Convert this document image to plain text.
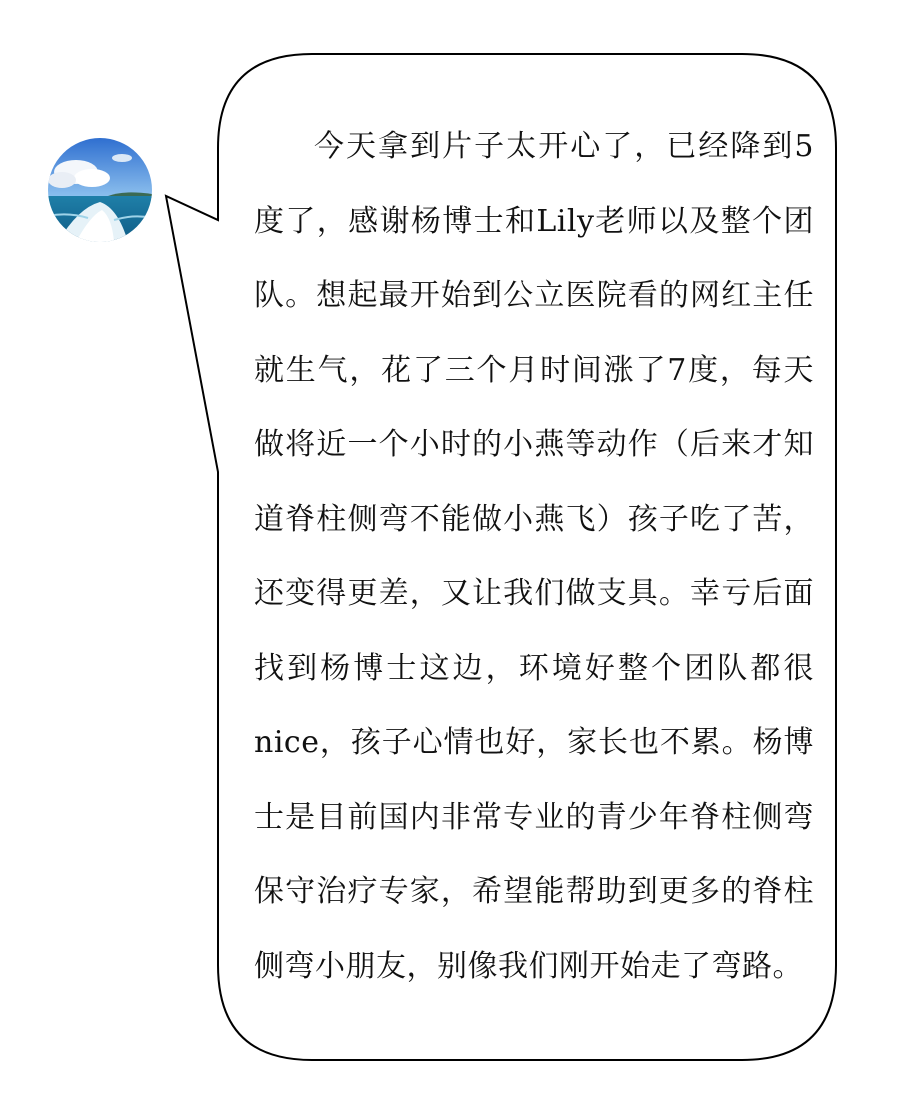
今天拿到片子太开心了，已经降到5度了，感谢杨博士和Lily老师以及整个团队。想起最开始到公立医院看的网红主任就生气，花了三个月时间涨了7度，每天做将近一个小时的小燕等动作（后来才知道脊柱侧弯不能做小燕飞）孩子吃了苦，还变得更差，又让我们做支具。幸亏后面找到杨博士这边，环境好整个团队都很nice，孩子心情也好，家长也不累。杨博士是目前国内非常专业的青少年脊柱侧弯保守治疗专家，希望能帮助到更多的脊柱侧弯小朋友，别像我们刚开始走了弯路。
